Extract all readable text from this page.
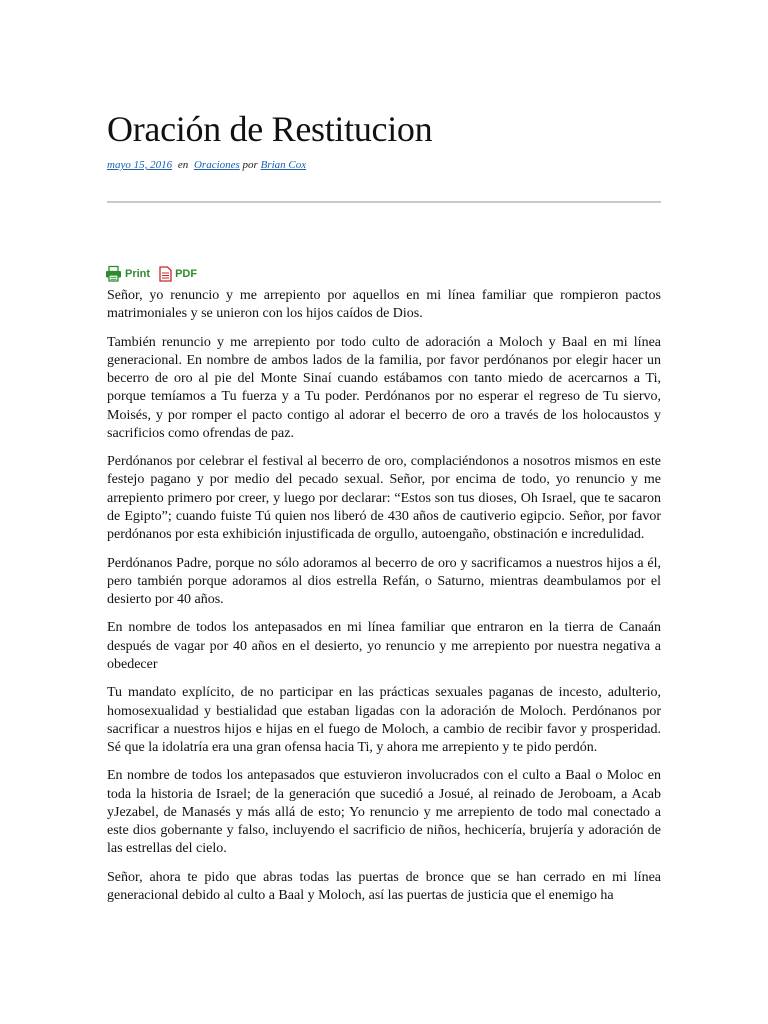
Oración de Restitucion
mayo 15, 2016 en Oraciones por Brian Cox
Print PDF

Señor, yo renuncio y me arrepiento por aquellos en mi línea familiar que rompieron pactos matrimoniales y se unieron con los hijos caídos de Dios.

También renuncio y me arrepiento por todo culto de adoración a Moloch y Baal en mi línea generacional. En nombre de ambos lados de la familia, por favor perdónanos por elegir hacer un becerro de oro al pie del Monte Sinaí cuando estábamos con tanto miedo de acercarnos a Ti, porque temíamos a Tu fuerza y a Tu poder. Perdónanos por no esperar el regreso de Tu siervo, Moisés, y por romper el pacto contigo al adorar el becerro de oro a través de los holocaustos y sacrificios como ofrendas de paz.

Perdónanos por celebrar el festival al becerro de oro, complaciéndonos a nosotros mismos en este festejo pagano y por medio del pecado sexual. Señor, por encima de todo, yo renuncio y me arrepiento primero por creer, y luego por declarar: “Estos son tus dioses, Oh Israel, que te sacaron de Egipto”; cuando fuiste Tú quien nos liberó de 430 años de cautiverio egipcio. Señor, por favor perdónanos por esta exhibición injustificada de orgullo, autoengaño, obstinación e incredulidad.

Perdónanos Padre, porque no sólo adoramos al becerro de oro y sacrificamos a nuestros hijos a él, pero también porque adoramos al dios estrella Refán, o Saturno, mientras deambulamos por el desierto por 40 años.

En nombre de todos los antepasados en mi línea familiar que entraron en la tierra de Canaán después de vagar por 40 años en el desierto, yo renuncio y me arrepiento por nuestra negativa a obedecer

Tu mandato explícito, de no participar en las prácticas sexuales paganas de incesto, adulterio, homosexualidad y bestialidad que estaban ligadas con la adoración de Moloch. Perdónanos por sacrificar a nuestros hijos e hijas en el fuego de Moloch, a cambio de recibir favor y prosperidad. Sé que la idolatría era una gran ofensa hacia Ti, y ahora me arrepiento y te pido perdón.

En nombre de todos los antepasados que estuvieron involucrados con el culto a Baal o Moloc en toda la historia de Israel; de la generación que sucedió a Josué, al reinado de Jeroboam, a Acab yJezabel, de Manasés y más allá de esto; Yo renuncio y me arrepiento de todo mal conectado a este dios gobernante y falso, incluyendo el sacrificio de niños, hechicería, brujería y adoración de las estrellas del cielo.

Señor, ahora te pido que abras todas las puertas de bronce que se han cerrado en mi línea generacional debido al culto a Baal y Moloch, así las puertas de justicia que el enemigo ha
